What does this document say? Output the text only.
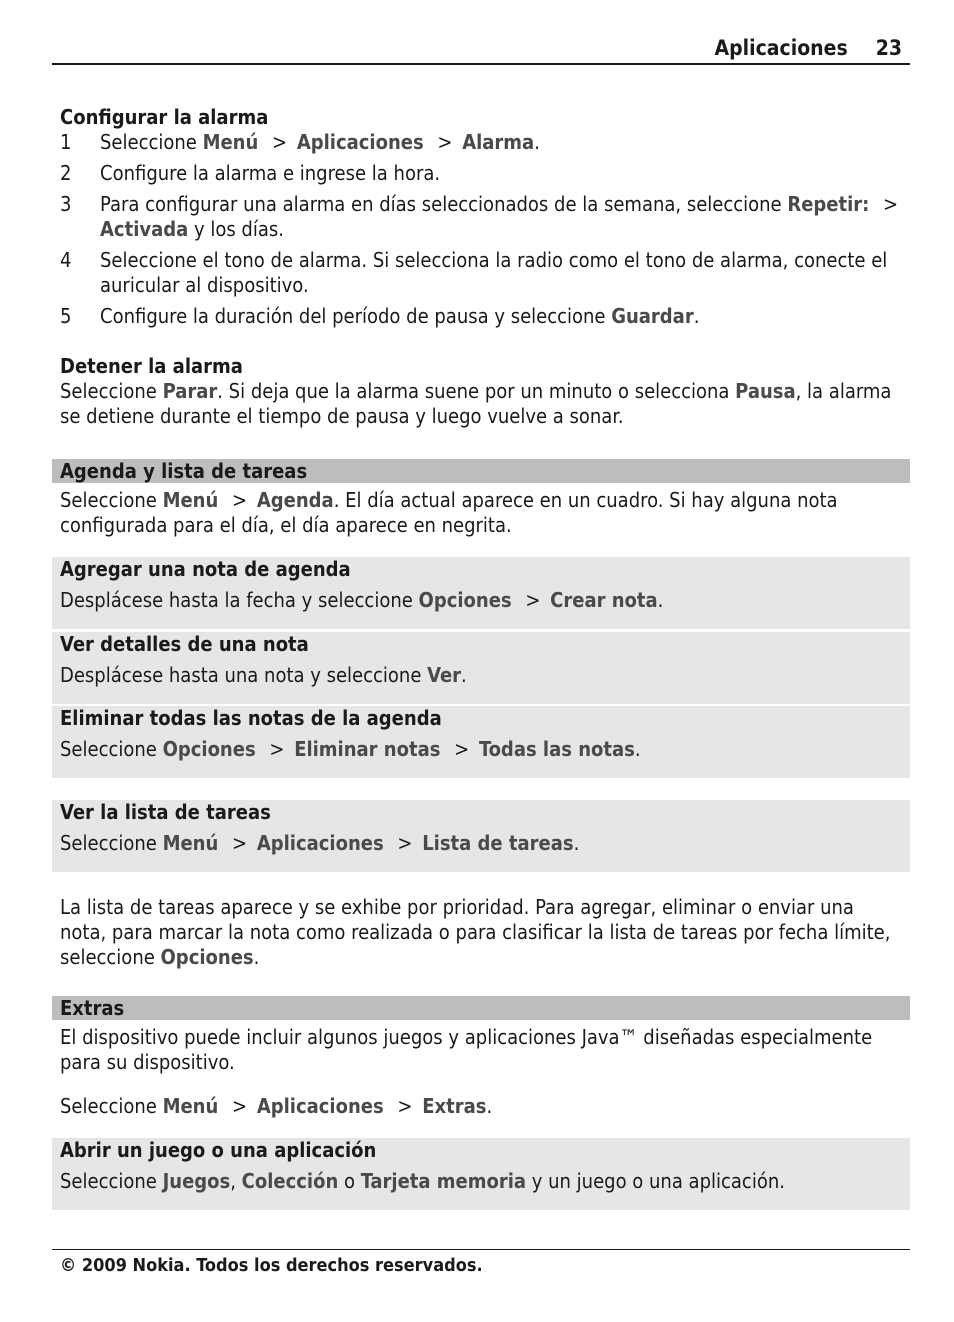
Aplicaciones 23
Configurar la alarma
1 Seleccione Menú > Aplicaciones > Alarma.
2 Configure la alarma e ingrese la hora.
3 Para configurar una alarma en días seleccionados de la semana, seleccione Repetir: > Activada y los días.
4 Seleccione el tono de alarma. Si selecciona la radio como el tono de alarma, conecte el auricular al dispositivo.
5 Configure la duración del período de pausa y seleccione Guardar.
Detener la alarma

Seleccione Parar. Si deja que la alarma suene por un minuto o selecciona Pausa, la alarma se detiene durante el tiempo de pausa y luego vuelve a sonar.

Agenda y lista de tareas

Seleccione Menú > Agenda. El día actual aparece en un cuadro. Si hay alguna nota configurada para el día, el día aparece en negrita.

Agregar una nota de agenda

Desplácese hasta la fecha y seleccione Opciones > Crear nota.

Ver detalles de una nota

Desplácese hasta una nota y seleccione Ver.

Eliminar todas las notas de la agenda

Seleccione Opciones > Eliminar notas > Todas las notas.

Ver la lista de tareas

Seleccione Menú > Aplicaciones > Lista de tareas.

La lista de tareas aparece y se exhibe por prioridad. Para agregar, eliminar o enviar una nota, para marcar la nota como realizada o para clasificar la lista de tareas por fecha límite, seleccione Opciones.

Extras

El dispositivo puede incluir algunos juegos y aplicaciones Java™ diseñadas especialmente para su dispositivo.

Seleccione Menú > Aplicaciones > Extras.

Abrir un juego o una aplicación

Seleccione Juegos, Colección o Tarjeta memoria y un juego o una aplicación.

© 2009 Nokia. Todos los derechos reservados.
